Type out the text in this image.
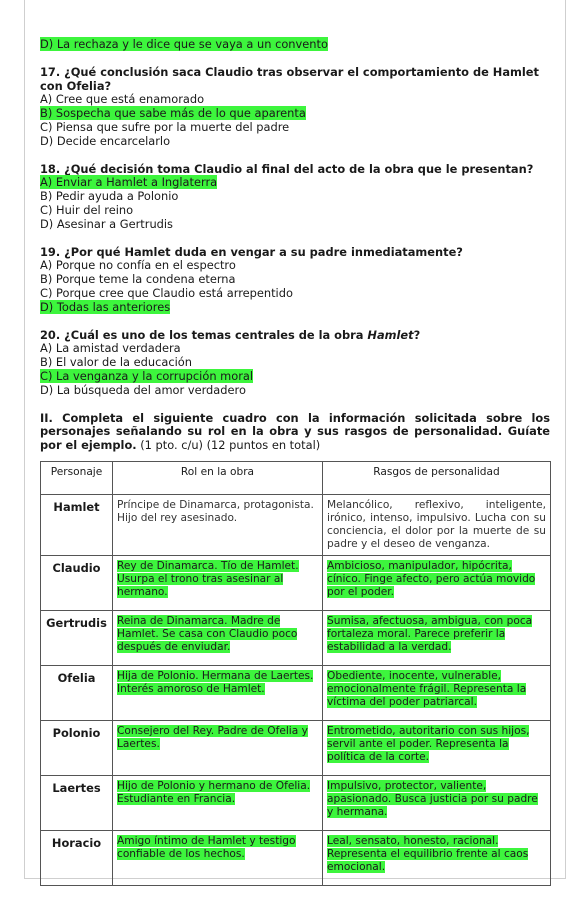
D) La rechaza y le dice que se vaya a un convento
17. ¿Qué conclusión saca Claudio tras observar el comportamiento de Hamlet con Ofelia?
A) Cree que está enamorado
B) Sospecha que sabe más de lo que aparenta
C) Piensa que sufre por la muerte del padre
D) Decide encarcelarlo
18. ¿Qué decisión toma Claudio al final del acto de la obra que le presentan?
A) Enviar a Hamlet a Inglaterra
B) Pedir ayuda a Polonio
C) Huir del reino
D) Asesinar a Gertrudis
19. ¿Por qué Hamlet duda en vengar a su padre inmediatamente?
A) Porque no confía en el espectro
B) Porque teme la condena eterna
C) Porque cree que Claudio está arrepentido
D) Todas las anteriores
20. ¿Cuál es uno de los temas centrales de la obra Hamlet?
A) La amistad verdadera
B) El valor de la educación
C) La venganza y la corrupción moral
D) La búsqueda del amor verdadero
II. Completa el siguiente cuadro con la información solicitada sobre los personajes señalando su rol en la obra y sus rasgos de personalidad. Guíate por el ejemplo. (1 pto. c/u) (12 puntos en total)
Personaje	Rol en la obra	Rasgos de personalidad
Hamlet	Príncipe de Dinamarca, protagonista. Hijo del rey asesinado.	Melancólico, reflexivo, inteligente, irónico, intenso, impulsivo. Lucha con su conciencia, el dolor por la muerte de su padre y el deseo de venganza.
Claudio	Rey de Dinamarca. Tío de Hamlet. Usurpa el trono tras asesinar al hermano.	Ambicioso, manipulador, hipócrita, cínico. Finge afecto, pero actúa movido por el poder.
Gertrudis	Reina de Dinamarca. Madre de Hamlet. Se casa con Claudio poco después de enviudar.	Sumisa, afectuosa, ambigua, con poca fortaleza moral. Parece preferir la estabilidad a la verdad.
Ofelia	Hija de Polonio. Hermana de Laertes. Interés amoroso de Hamlet.	Obediente, inocente, vulnerable, emocionalmente frágil. Representa la víctima del poder patriarcal.
Polonio	Consejero del Rey. Padre de Ofelia y Laertes.	Entrometido, autoritario con sus hijos, servil ante el poder. Representa la política de la corte.
Laertes	Hijo de Polonio y hermano de Ofelia. Estudiante en Francia.	Impulsivo, protector, valiente, apasionado. Busca justicia por su padre y hermana.
Horacio	Amigo íntimo de Hamlet y testigo confiable de los hechos.	Leal, sensato, honesto, racional. Representa el equilibrio frente al caos emocional.
